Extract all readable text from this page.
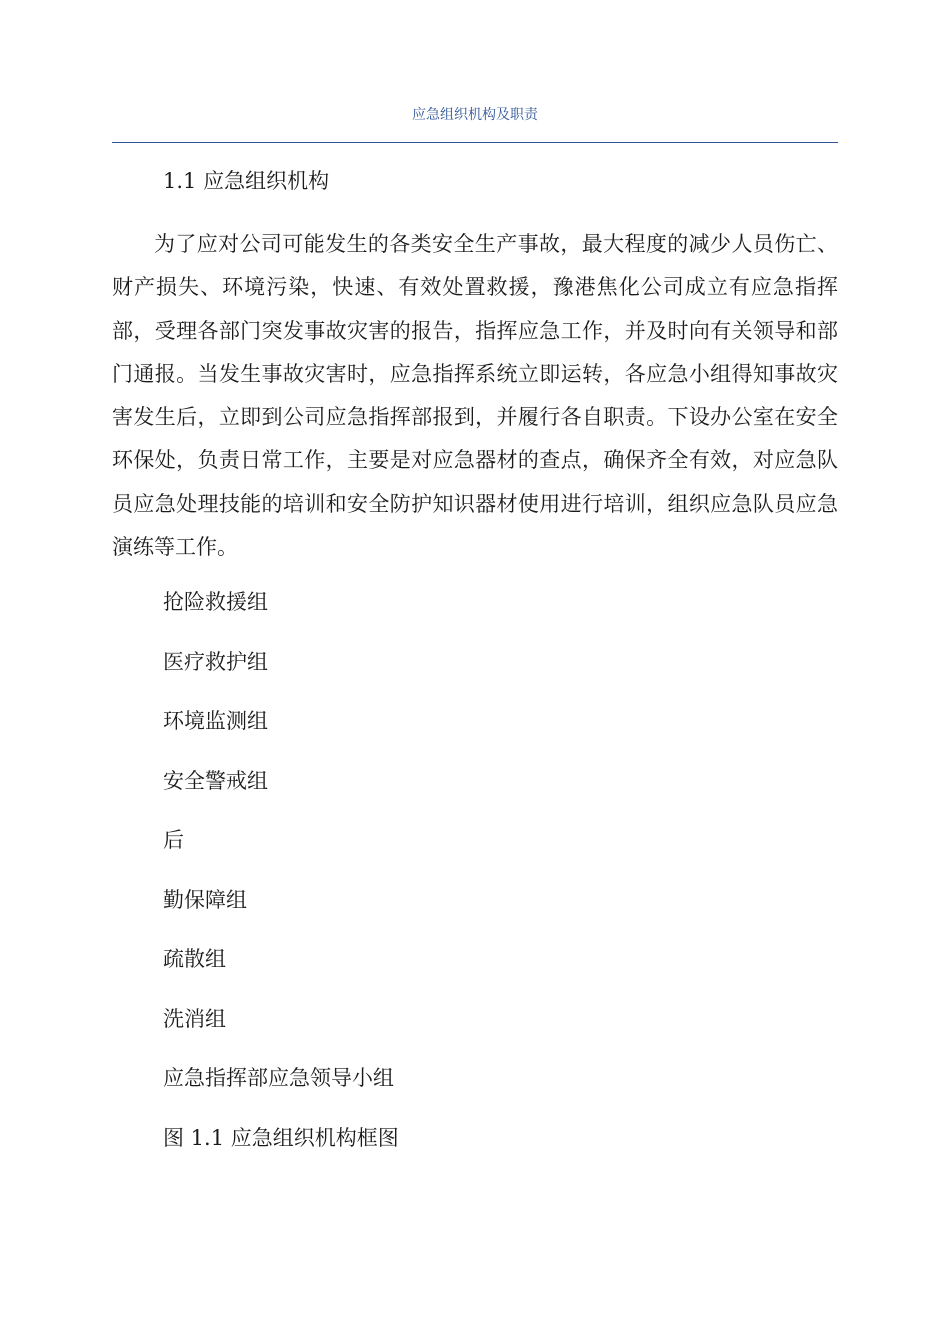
应急组织机构及职责
1.1 应急组织机构

为了应对公司可能发生的各类安全生产事故，最大程度的减少人员伤亡、财产损失、环境污染，快速、有效处置救援，豫港焦化公司成立有应急指挥部，受理各部门突发事故灾害的报告，指挥应急工作，并及时向有关领导和部门通报。当发生事故灾害时，应急指挥系统立即运转，各应急小组得知事故灾害发生后，立即到公司应急指挥部报到，并履行各自职责。下设办公室在安全环保处，负责日常工作，主要是对应急器材的查点，确保齐全有效，对应急队员应急处理技能的培训和安全防护知识器材使用进行培训，组织应急队员应急演练等工作。

抢险救援组
医疗救护组
环境监测组
安全警戒组
后
勤保障组
疏散组
洗消组
应急指挥部应急领导小组
图 1.1 应急组织机构框图
